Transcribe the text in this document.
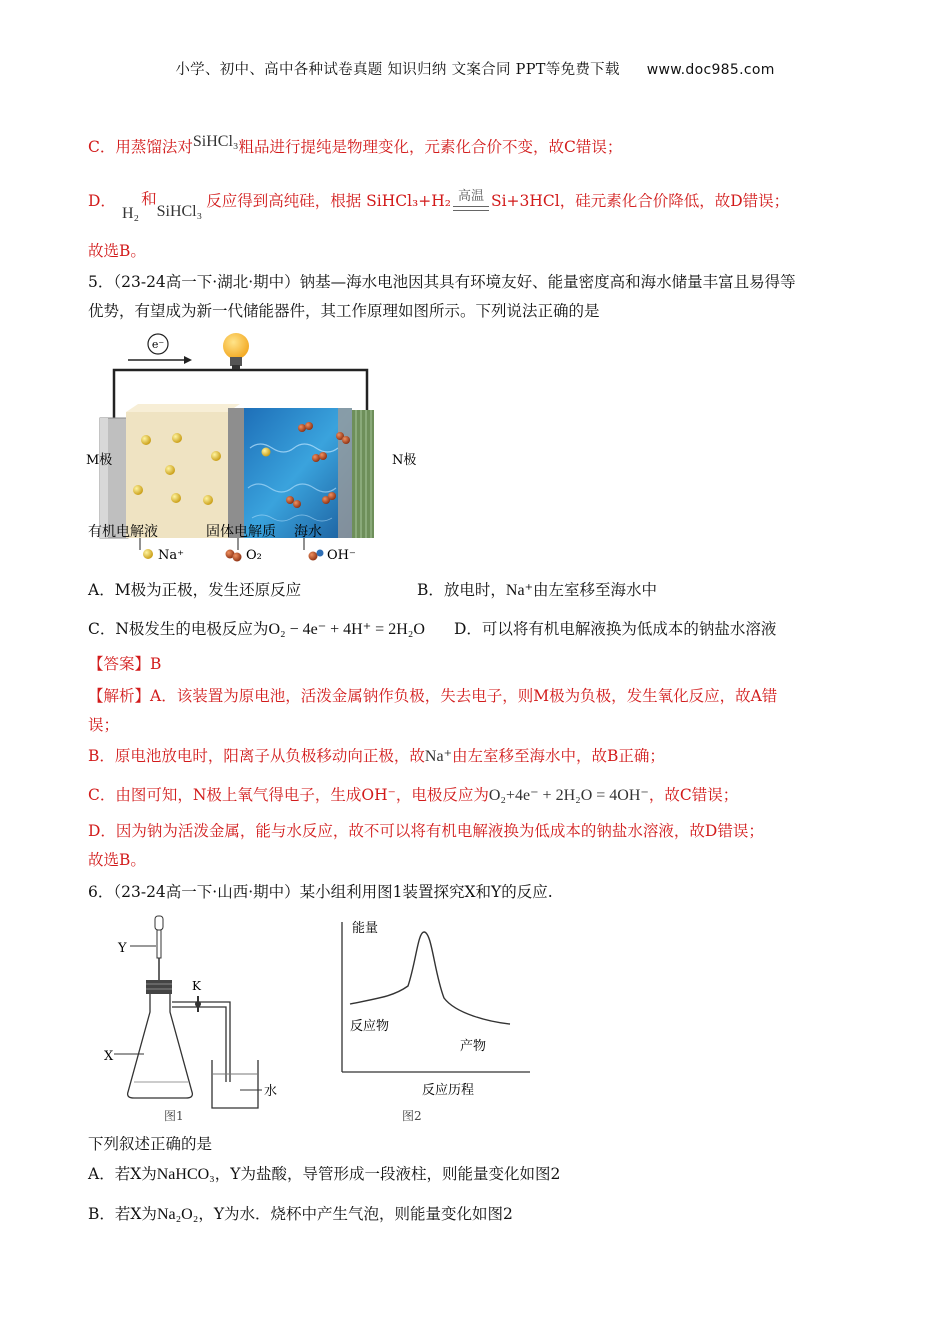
小学、初中、高中各种试卷真题 知识归纳 文案合同 PPT等免费下载 www.doc985.com
C．用蒸馏法对SiHCl₃粗品进行提纯是物理变化，元素化合价不变，故C错误；
D．H₂和SiHCl₃反应得到高纯硅，根据 SiHCl₃+H₂ 高温 Si+3HCl，硅元素化合价降低，故D错误；
故选B。
5．（23-24高一下·湖北·期中）钠基—海水电池因其具有环境友好、能量密度高和海水储量丰富且易得等
优势，有望成为新一代储能器件，其工作原理如图所示。下列说法正确的是
e⁻
M极	N极
有机电解液	固体电解质 海水
Na⁺	O₂	OH⁻
A．M极为正极，发生还原反应	B．放电时，Na⁺由左室移至海水中
C．N极发生的电极反应为O₂ − 4e⁻ + 4H⁺ = 2H₂O	D．可以将有机电解液换为低成本的钠盐水溶液
【答案】B
【解析】A．该装置为原电池，活泼金属钠作负极，失去电子，则M极为负极，发生氧化反应，故A错
误；
B．原电池放电时，阳离子从负极移动向正极，故Na⁺由左室移至海水中，故B正确；
C．由图可知，N极上氧气得电子，生成OH⁻，电极反应为O₂+4e⁻ + 2H₂O = 4OH⁻，故C错误；
D．因为钠为活泼金属，能与水反应，故不可以将有机电解液换为低成本的钠盐水溶液，故D错误；
故选B。
6．（23-24高一下·山西·期中）某小组利用图1装置探究X和Y的反应.
Y
K
水
X
图1
能量
反应物
产物
反应历程
图2
下列叙述正确的是
A．若X为NaHCO₃，Y为盐酸，导管形成一段液柱，则能量变化如图2
B．若X为Na₂O₂，Y为水．烧杯中产生气泡，则能量变化如图2
